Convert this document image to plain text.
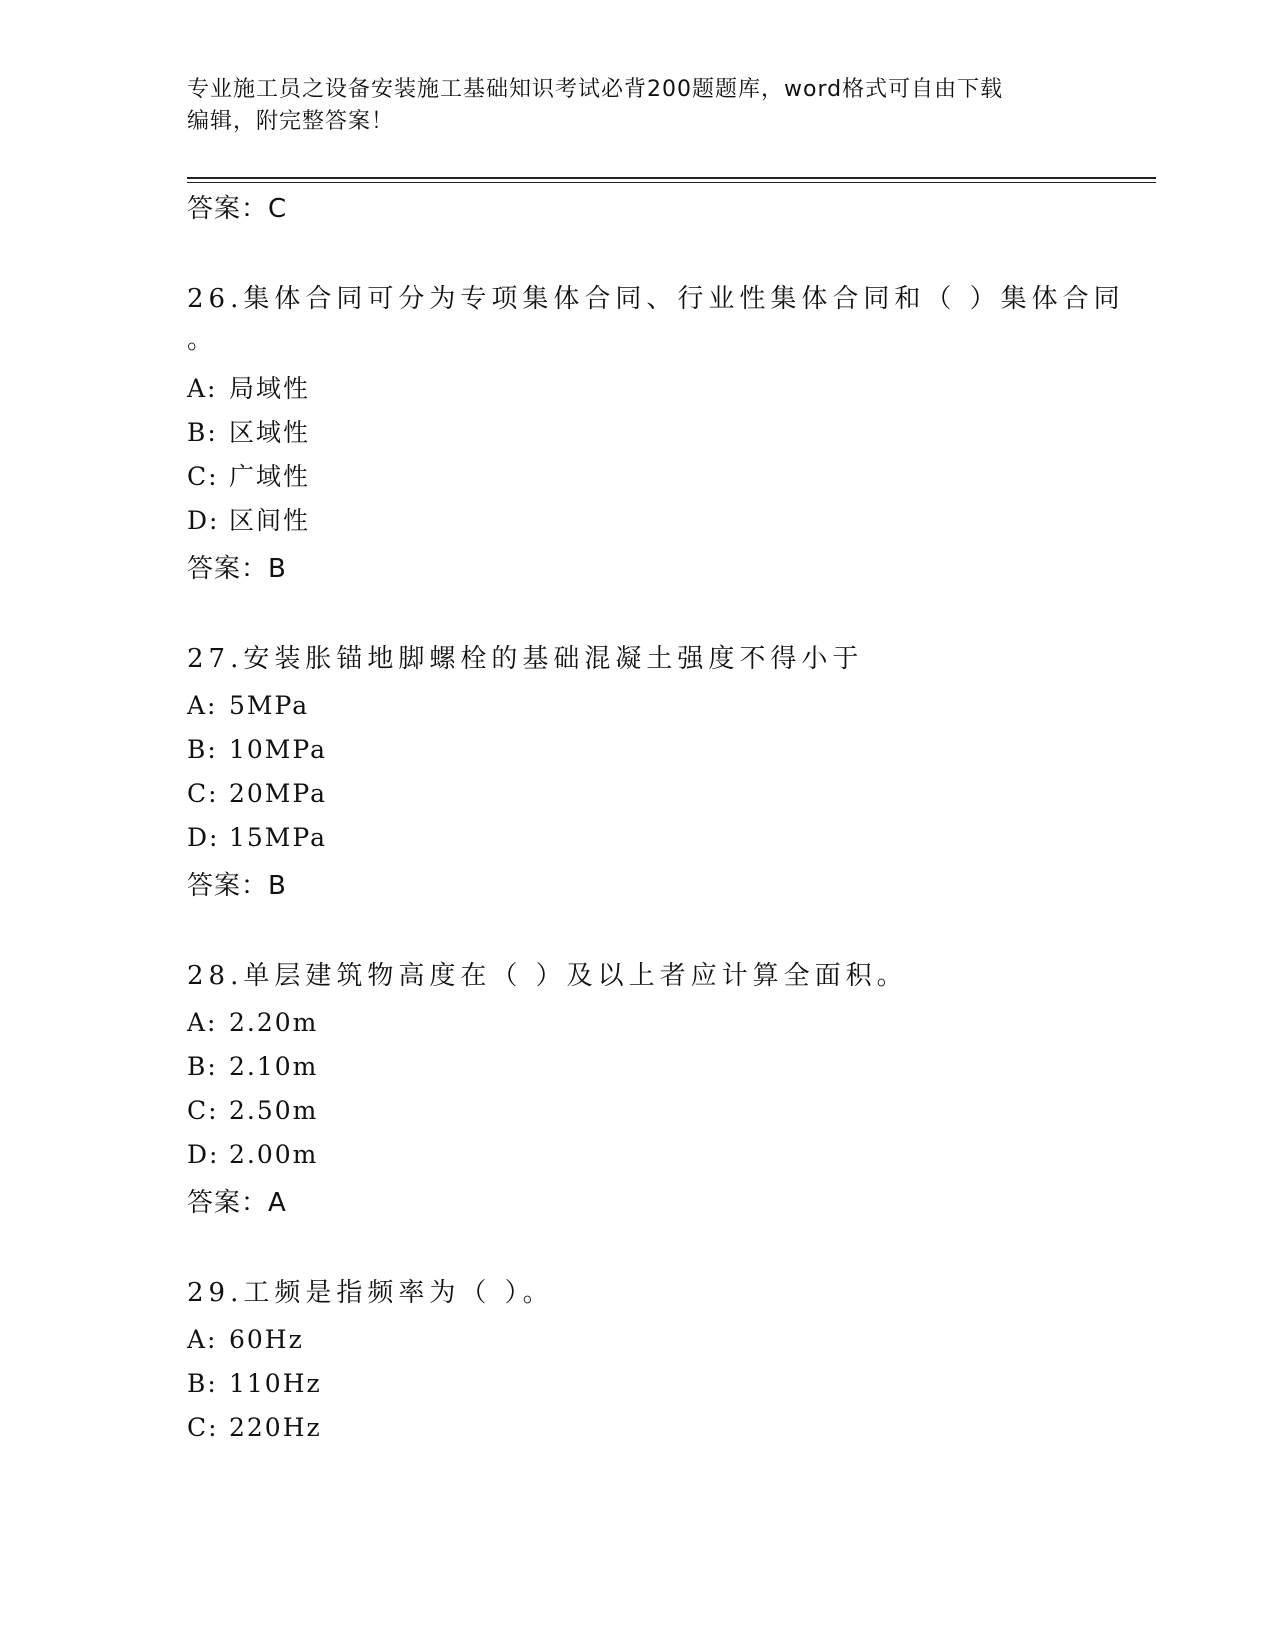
专业施工员之设备安装施工基础知识考试必背200题题库，word格式可自由下载
编辑，附完整答案！
答案：C
26.集体合同可分为专项集体合同、行业性集体合同和（ ）集体合同
。
A: 局域性
B: 区域性
C: 广域性
D: 区间性
答案：B
27.安装胀锚地脚螺栓的基础混凝土强度不得小于
A: 5MPa
B: 10MPa
C: 20MPa
D: 15MPa
答案：B
28.单层建筑物高度在（ ）及以上者应计算全面积。
A: 2.20m
B: 2.10m
C: 2.50m
D: 2.00m
答案：A
29.工频是指频率为（ ）。
A: 60Hz
B: 110Hz
C: 220Hz
